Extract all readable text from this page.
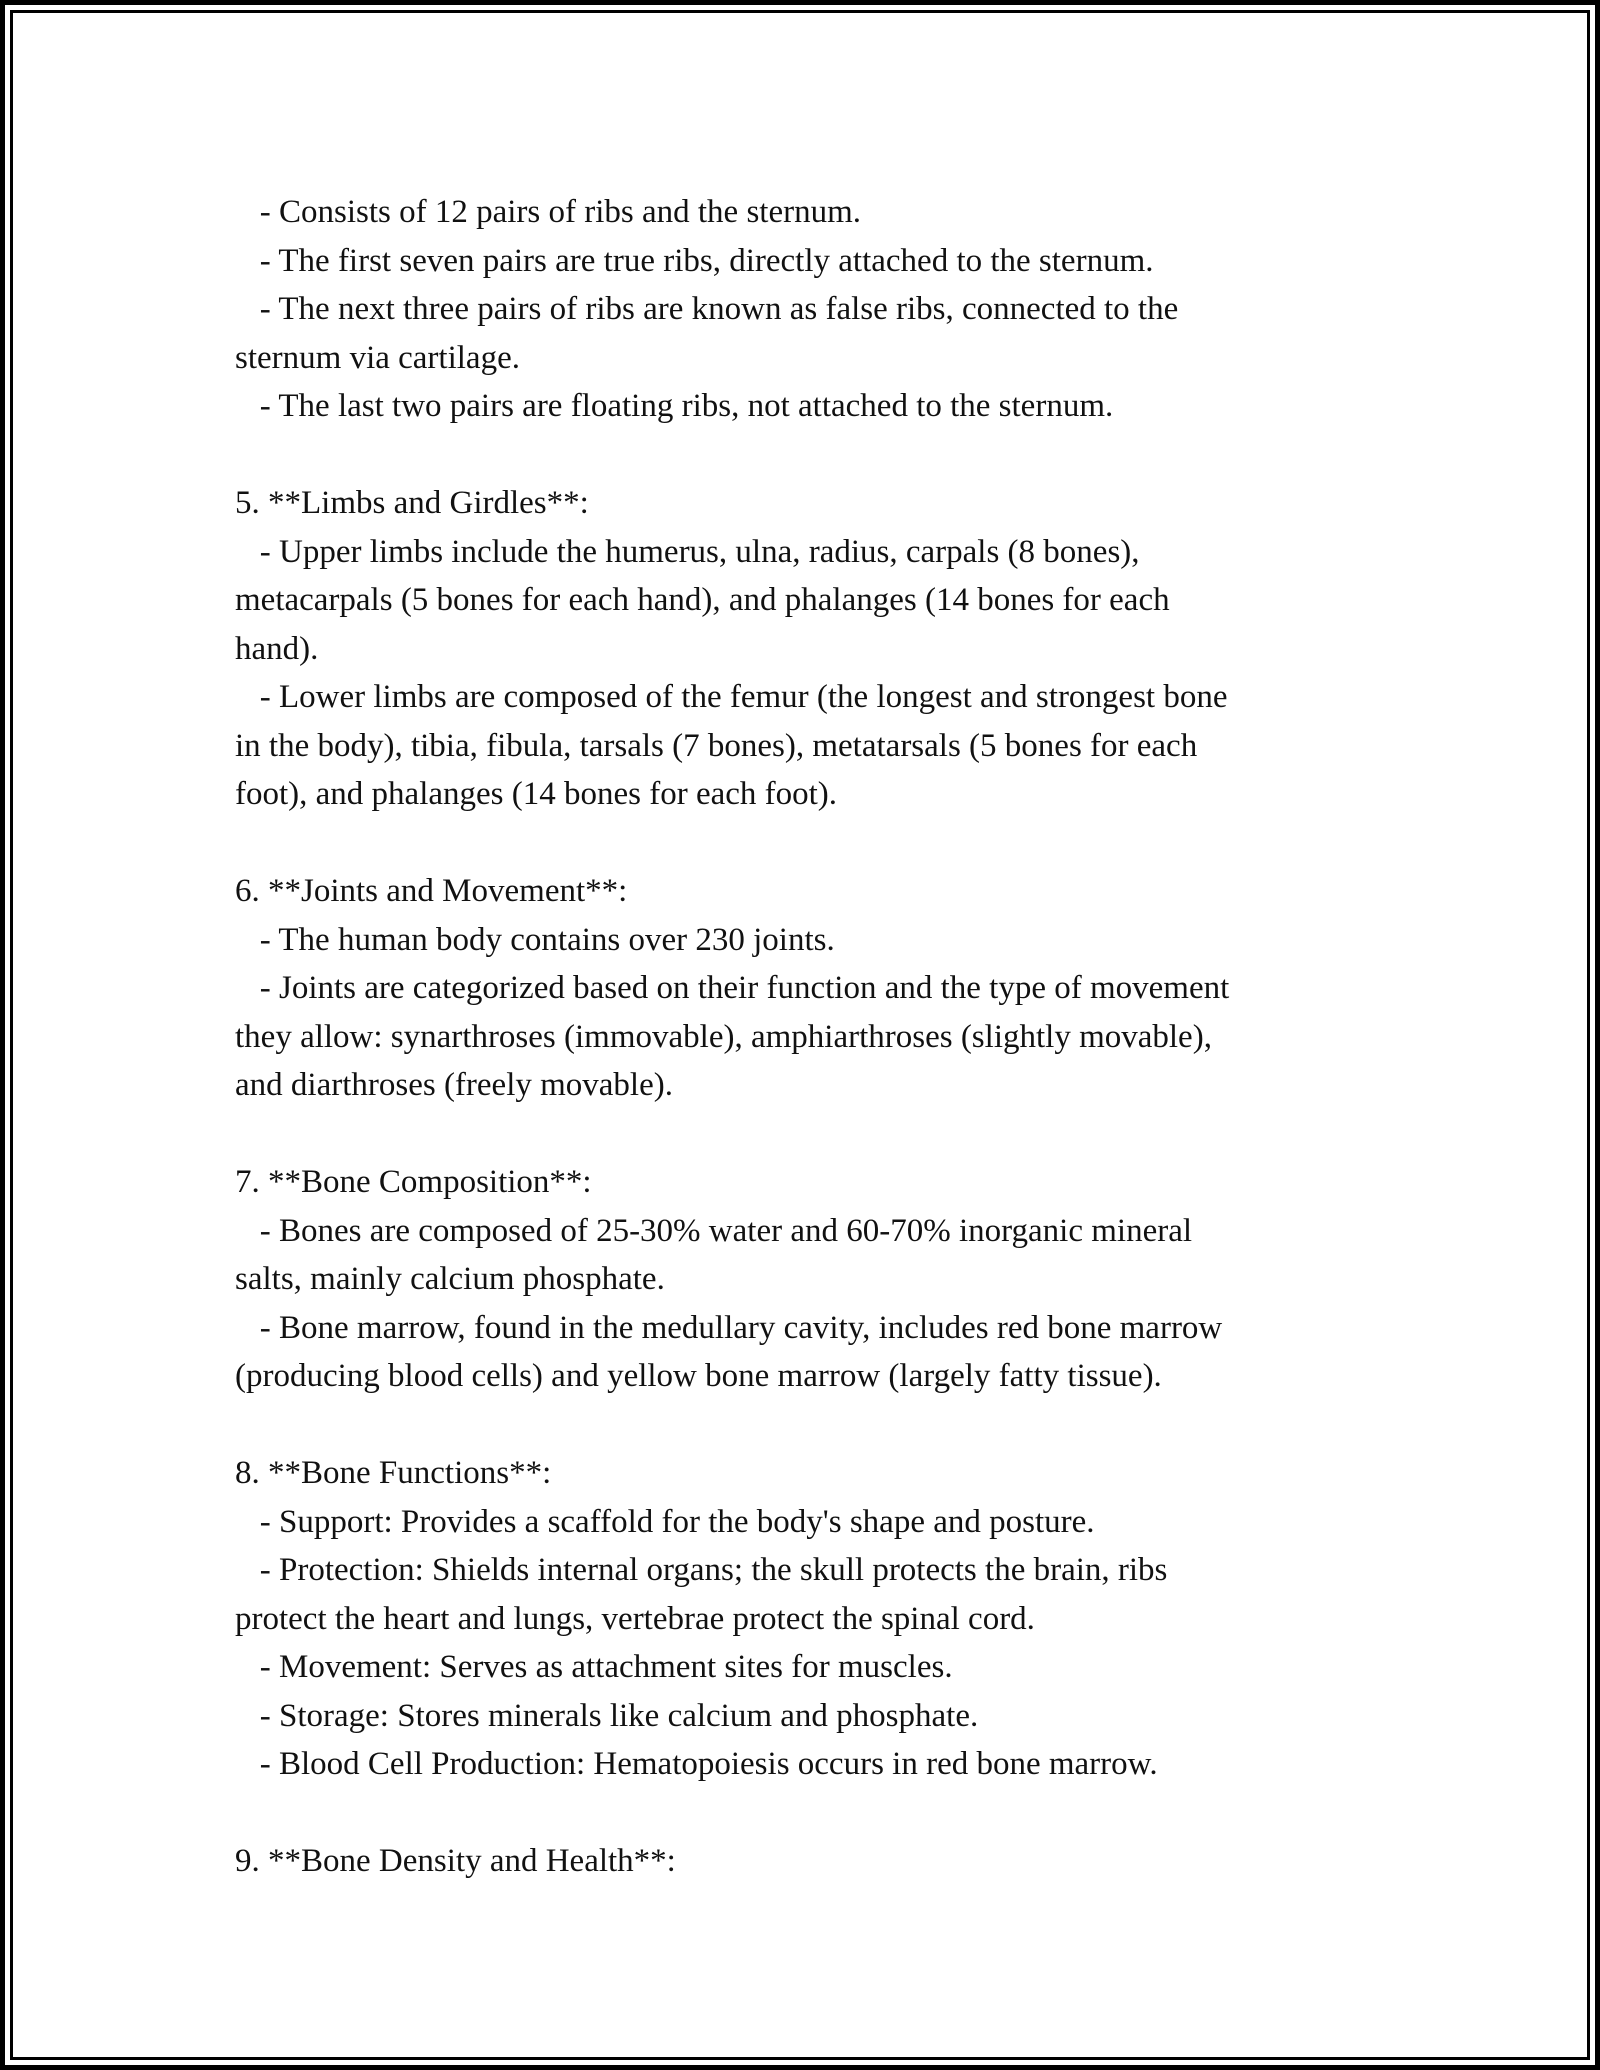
- Consists of 12 pairs of ribs and the sternum.

- The first seven pairs are true ribs, directly attached to the sternum.

- The next three pairs of ribs are known as false ribs, connected to the

sternum via cartilage.

- The last two pairs are floating ribs, not attached to the sternum.

5. **Limbs and Girdles**:

- Upper limbs include the humerus, ulna, radius, carpals (8 bones),

metacarpals (5 bones for each hand), and phalanges (14 bones for each

hand).

- Lower limbs are composed of the femur (the longest and strongest bone

in the body), tibia, fibula, tarsals (7 bones), metatarsals (5 bones for each

foot), and phalanges (14 bones for each foot).

6. **Joints and Movement**:

- The human body contains over 230 joints.

- Joints are categorized based on their function and the type of movement

they allow: synarthroses (immovable), amphiarthroses (slightly movable),

and diarthroses (freely movable).

7. **Bone Composition**:

- Bones are composed of 25-30% water and 60-70% inorganic mineral

salts, mainly calcium phosphate.

- Bone marrow, found in the medullary cavity, includes red bone marrow

(producing blood cells) and yellow bone marrow (largely fatty tissue).

8. **Bone Functions**:

- Support: Provides a scaffold for the body's shape and posture.

- Protection: Shields internal organs; the skull protects the brain, ribs

protect the heart and lungs, vertebrae protect the spinal cord.

- Movement: Serves as attachment sites for muscles.

- Storage: Stores minerals like calcium and phosphate.

- Blood Cell Production: Hematopoiesis occurs in red bone marrow.

9. **Bone Density and Health**:
